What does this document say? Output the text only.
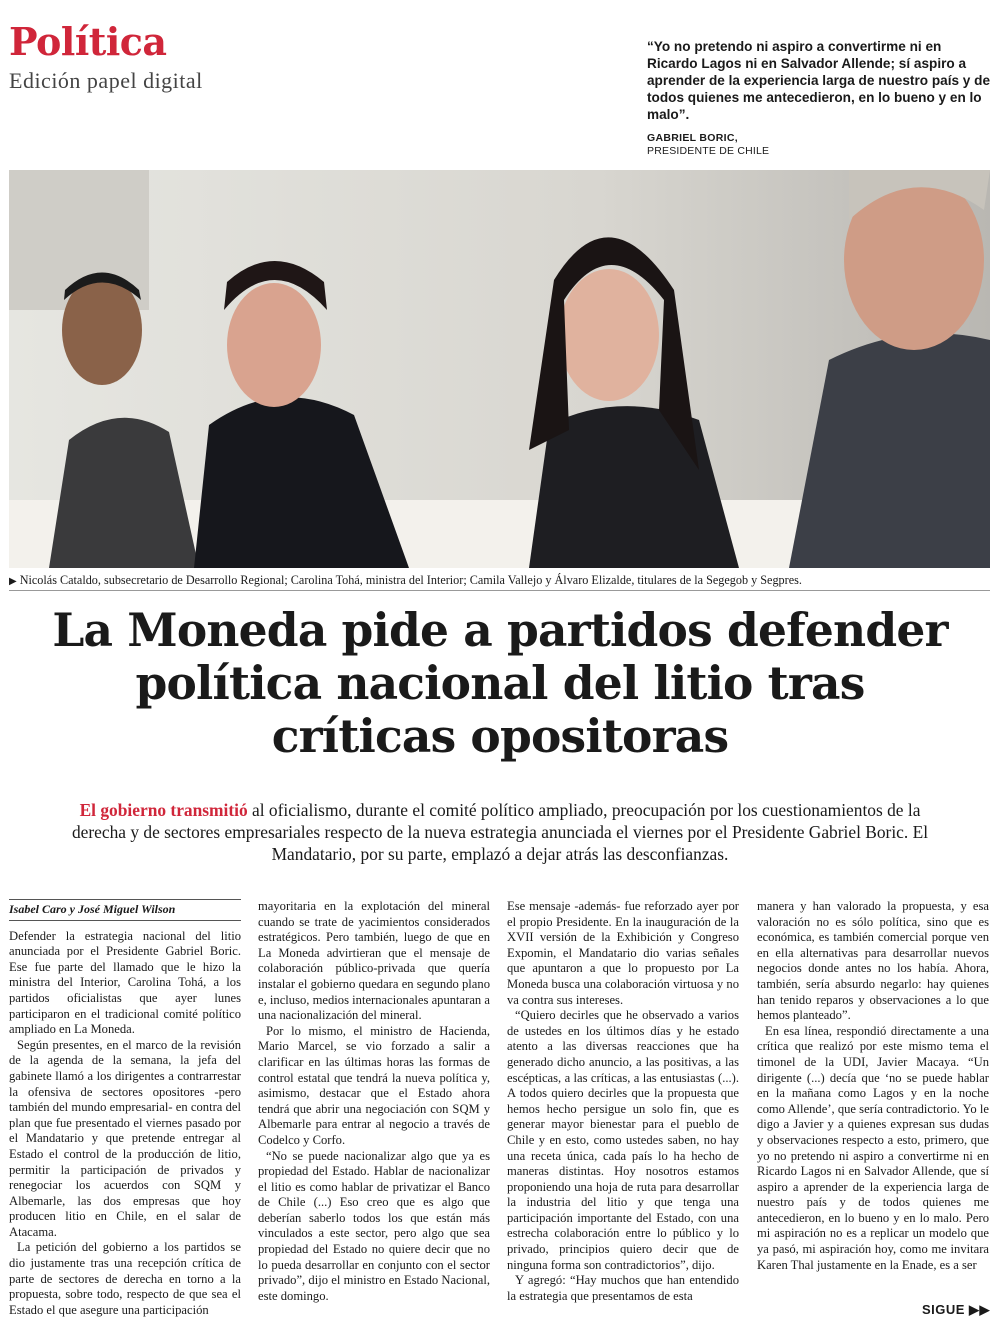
Política
Edición papel digital

“Yo no pretendo ni aspiro a convertirme ni en Ricardo Lagos ni en Salvador Allende; sí aspiro a aprender de la experiencia larga de nuestro país y de todos quienes me antecedieron, en lo bueno y en lo malo”.

GABRIEL BORIC,
PRESIDENTE DE CHILE
▶ Nicolás Cataldo, subsecretario de Desarrollo Regional; Carolina Tohá, ministra del Interior; Camila Vallejo y Álvaro Elizalde, titulares de la Segegob y Segpres.
La Moneda pide a partidos defender política nacional del litio tras críticas opositoras

El gobierno transmitió al oficialismo, durante el comité político ampliado, preocupación por los cuestionamientos de la derecha y de sectores empresariales respecto de la nueva estrategia anunciada el viernes por el Presidente Gabriel Boric. El Mandatario, por su parte, emplazó a dejar atrás las desconfianzas.

Isabel Caro y José Miguel Wilson

Defender la estrategia nacional del litio anunciada por el Presidente Gabriel Boric. Ese fue parte del llamado que le hizo la ministra del Interior, Carolina Tohá, a los partidos oficialistas que ayer lunes participaron en el tradicional comité político ampliado en La Moneda.

Según presentes, en el marco de la revisión de la agenda de la semana, la jefa del gabinete llamó a los dirigentes a contrarrestar la ofensiva de sectores opositores -pero también del mundo empresarial- en contra del plan que fue presentado el viernes pasado por el Mandatario y que pretende entregar al Estado el control de la producción de litio, permitir la participación de privados y renegociar los acuerdos con SQM y Albemarle, las dos empresas que hoy producen litio en Chile, en el salar de Atacama.

La petición del gobierno a los partidos se dio justamente tras una recepción crítica de parte de sectores de derecha en torno a la propuesta, sobre todo, respecto de que sea el Estado el que asegure una participación

mayoritaria en la explotación del mineral cuando se trate de yacimientos considerados estratégicos. Pero también, luego de que en La Moneda advirtieran que el mensaje de colaboración público-privada que quería instalar el gobierno quedara en segundo plano e, incluso, medios internacionales apuntaran a una nacionalización del mineral.

Por lo mismo, el ministro de Hacienda, Mario Marcel, se vio forzado a salir a clarificar en las últimas horas las formas de control estatal que tendrá la nueva política y, asimismo, destacar que el Estado ahora tendrá que abrir una negociación con SQM y Albemarle para entrar al negocio a través de Codelco y Corfo.

“No se puede nacionalizar algo que ya es propiedad del Estado. Hablar de nacionalizar el litio es como hablar de privatizar el Banco de Chile (...) Eso creo que es algo que deberían saberlo todos los que están más vinculados a este sector, pero algo que sea propiedad del Estado no quiere decir que no lo pueda desarrollar en conjunto con el sector privado”, dijo el ministro en Estado Nacional, este domingo.

Ese mensaje -además- fue reforzado ayer por el propio Presidente. En la inauguración de la XVII versión de la Exhibición y Congreso Expomin, el Mandatario dio varias señales que apuntaron a que lo propuesto por La Moneda busca una colaboración virtuosa y no va contra sus intereses.

“Quiero decirles que he observado a varios de ustedes en los últimos días y he estado atento a las diversas reacciones que ha generado dicho anuncio, a las positivas, a las escépticas, a las críticas, a las entusiastas (...). A todos quiero decirles que la propuesta que hemos hecho persigue un solo fin, que es generar mayor bienestar para el pueblo de Chile y en esto, como ustedes saben, no hay una receta única, cada país lo ha hecho de maneras distintas. Hoy nosotros estamos proponiendo una hoja de ruta para desarrollar la industria del litio y que tenga una participación importante del Estado, con una estrecha colaboración entre lo público y lo privado, principios quiero decir que de ninguna forma son contradictorios”, dijo.

Y agregó: “Hay muchos que han entendido la estrategia que presentamos de esta

manera y han valorado la propuesta, y esa valoración no es sólo política, sino que es económica, es también comercial porque ven en ella alternativas para desarrollar nuevos negocios donde antes no los había. Ahora, también, sería absurdo negarlo: hay quienes han tenido reparos y observaciones a lo que hemos planteado”.

En esa línea, respondió directamente a una crítica que realizó por este mismo tema el timonel de la UDI, Javier Macaya. “Un dirigente (...) decía que ‘no se puede hablar en la mañana como Lagos y en la noche como Allende’, que sería contradictorio. Yo le digo a Javier y a quienes expresan sus dudas y observaciones respecto a esto, primero, que yo no pretendo ni aspiro a convertirme ni en Ricardo Lagos ni en Salvador Allende, que sí aspiro a aprender de la experiencia larga de nuestro país y de todos quienes me antecedieron, en lo bueno y en lo malo. Pero mi aspiración no es a replicar un modelo que ya pasó, mi aspiración hoy, como me invitara Karen Thal justamente en la Enade, es a ser

SIGUE ▶▶
